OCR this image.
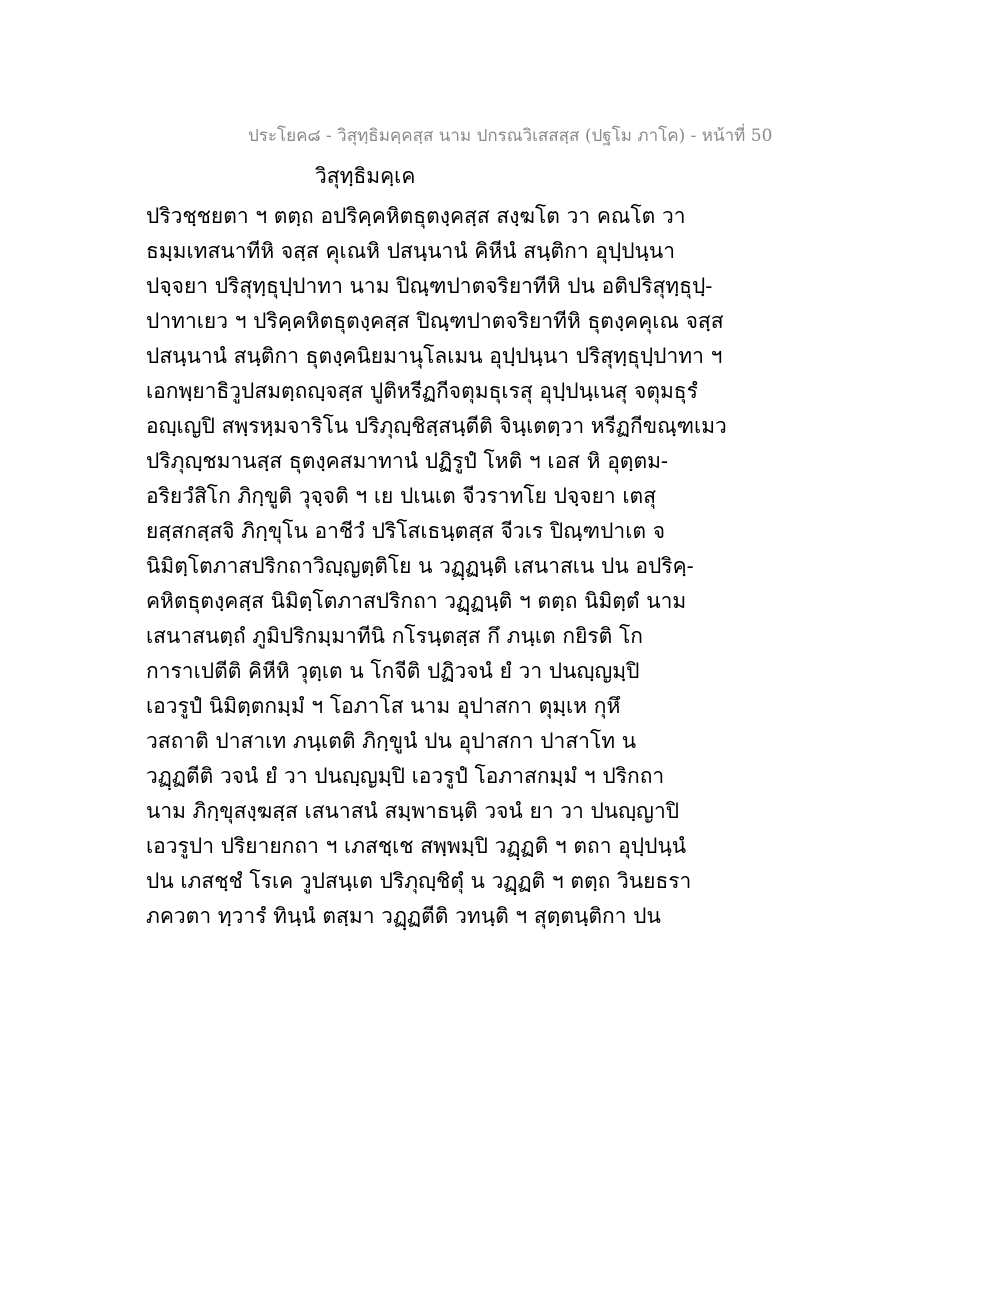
ประโยค๘ - วิสุทฺธิมคฺคสฺส นาม ปกรณวิเสสสฺส (ปฐโม ภาโค) - หน้าที่ 50
วิสุทฺธิมคฺเค
ปริวชฺชยตา ฯ ตตฺถ อปริคฺคหิตธุตงฺคสฺส สงฺฆโต วา คณโต วา
ธมฺมเทสนาทีหิ จสฺส คุเณหิ ปสนฺนานํ คิหีนํ สนฺติกา อุปฺปนฺนา
ปจฺจยา ปริสุทฺธุปฺปาทา นาม ปิณฺฑปาตจริยาทีหิ ปน อติปริสุทฺธุปฺ-
ปาทาเยว ฯ ปริคฺคหิตธุตงฺคสฺส ปิณฺฑปาตจริยาทีหิ ธุตงฺคคุเณ จสฺส
ปสนฺนานํ สนฺติกา ธุตงฺคนิยมานุโลเมน อุปฺปนฺนา ปริสุทฺธุปฺปาทา ฯ
เอกพฺยาธิวูปสมตฺถญฺจสฺส ปูติหรีฏกีจตุมธุเรสุ อุปฺปนฺเนสุ จตุมธุรํ
อญฺเญปิ สพฺรหฺมจาริโน ปริภุญฺชิสฺสนฺตีติ จินฺเตตฺวา หรีฏกีขณฺฑเมว
ปริภุญฺชมานสฺส ธุตงฺคสมาทานํ ปฏิรูปํ โหติ ฯ เอส หิ อุตฺตม-
อริยวํสิโก ภิกฺขูติ วุจฺจติ ฯ เย ปเนเต จีวราทโย ปจฺจยา เตสุ
ยสฺสกสฺสจิ ภิกฺขุโน อาชีวํ ปริโสเธนฺตสฺส จีวเร ปิณฺฑปาเต จ
นิมิตฺโตภาสปริกถาวิญฺญตฺติโย น วฏฺฏนฺติ เสนาสเน ปน อปริคฺ-
คหิตธุตงฺคสฺส นิมิตฺโตภาสปริกถา วฏฺฏนฺติ ฯ ตตฺถ นิมิตฺตํ นาม
เสนาสนตฺถํ ภูมิปริกมฺมาทีนิ กโรนฺตสฺส กึ ภนฺเต กยิรติ โก
การาเปตีติ คิหีหิ วุตฺเต น โกจีติ ปฏิวจนํ ยํ วา ปนญฺญมฺปิ
เอวรูปํ นิมิตฺตกมฺมํ ฯ โอภาโส นาม อุปาสกา ตุมฺเห กุหึ
วสถาติ ปาสาเท ภนฺเตติ ภิกฺขูนํ ปน อุปาสกา ปาสาโท น
วฏฺฏตีติ วจนํ ยํ วา ปนญฺญมฺปิ เอวรูปํ โอภาสกมฺมํ ฯ ปริกถา
นาม ภิกฺขุสงฺฆสฺส เสนาสนํ สมฺพาธนฺติ วจนํ ยา วา ปนญฺญาปิ
เอวรูปา ปริยายกถา ฯ เภสชฺเช สพฺพมฺปิ วฏฺฏติ ฯ ตถา อุปฺปนฺนํ
ปน เภสชฺชํ โรเค วูปสนฺเต ปริภุญฺชิตุํ น วฏฺฏติ ฯ ตตฺถ วินยธรา
ภควตา ทฺวารํ ทินฺนํ ตสฺมา วฏฺฏตีติ วทนฺติ ฯ สุตฺตนฺติกา ปน
